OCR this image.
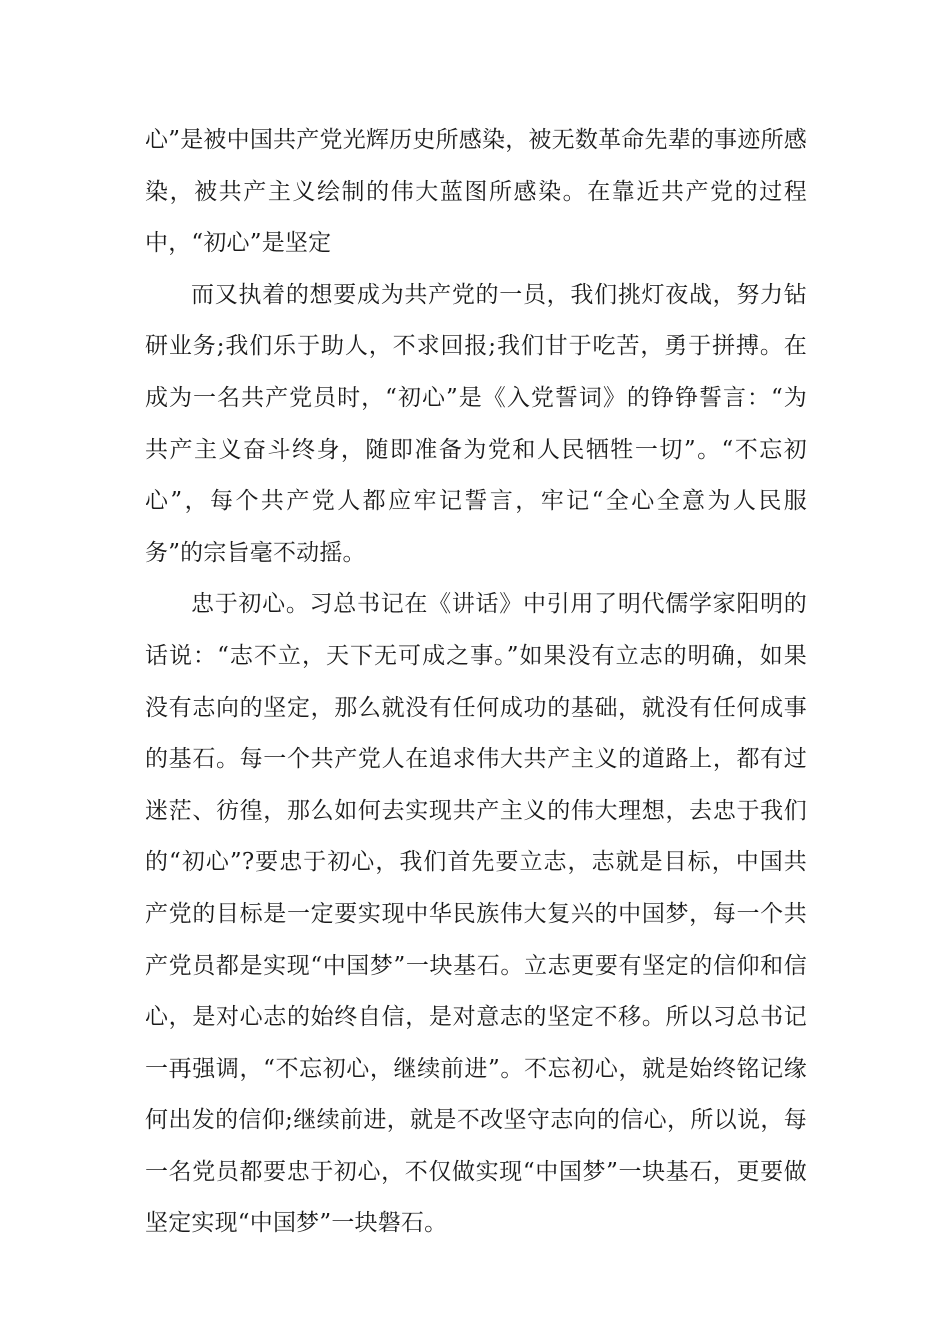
心”是被中国共产党光辉历史所感染，被无数革命先辈的事迹所感染，被共产主义绘制的伟大蓝图所感染。在靠近共产党的过程中，“初心”是坚定

而又执着的想要成为共产党的一员，我们挑灯夜战，努力钻研业务;我们乐于助人，不求回报;我们甘于吃苦，勇于拼搏。在成为一名共产党员时，“初心”是《入党誓词》的铮铮誓言：“为共产主义奋斗终身，随即准备为党和人民牺牲一切”。“不忘初心”，每个共产党人都应牢记誓言，牢记“全心全意为人民服务”的宗旨毫不动摇。

忠于初心。习总书记在《讲话》中引用了明代儒学家阳明的话说：“志不立，天下无可成之事。”如果没有立志的明确，如果没有志向的坚定，那么就没有任何成功的基础，就没有任何成事的基石。每一个共产党人在追求伟大共产主义的道路上，都有过迷茫、彷徨，那么如何去实现共产主义的伟大理想，去忠于我们的“初心”?要忠于初心，我们首先要立志，志就是目标，中国共产党的目标是一定要实现中华民族伟大复兴的中国梦，每一个共产党员都是实现“中国梦”一块基石。立志更要有坚定的信仰和信心，是对心志的始终自信，是对意志的坚定不移。所以习总书记一再强调，“不忘初心，继续前进”。不忘初心，就是始终铭记缘何出发的信仰;继续前进，就是不改坚守志向的信心，所以说，每一名党员都要忠于初心，不仅做实现“中国梦”一块基石，更要做坚定实现“中国梦”一块磐石。
